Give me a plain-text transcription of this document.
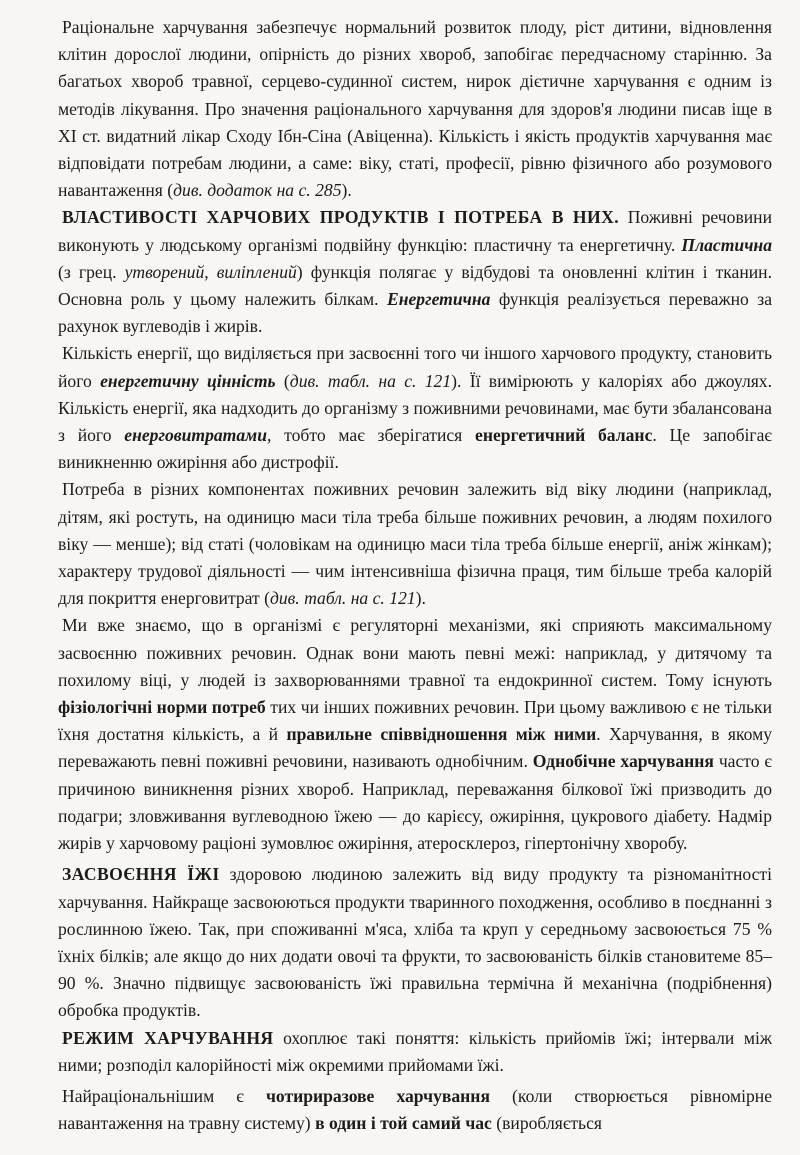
Раціональне харчування забезпечує нормальний розвиток плоду, ріст дитини, відновлення клітин дорослої людини, опірність до різних хвороб, запобігає передчасному старінню. За багатьох хвороб травної, серцево-судинної систем, нирок дієтичне харчування є одним із методів лікування. Про значення раціонального харчування для здоров'я людини писав іще в XI ст. видатний лікар Сходу Ібн-Сіна (Авіценна). Кількість і якість продуктів харчування має відповідати потребам людини, а саме: віку, статі, професії, рівню фізичного або розумового навантаження (див. додаток на с. 285).

ВЛАСТИВОСТІ ХАРЧОВИХ ПРОДУКТІВ І ПОТРЕБА В НИХ. Поживні речовини виконують у людському організмі подвійну функцію: пластичну та енергетичну. Пластична (з грец. утворений, виліплений) функція полягає у відбудові та оновленні клітин і тканин. Основна роль у цьому належить білкам. Енергетична функція реалізується переважно за рахунок вуглеводів і жирів.

Кількість енергії, що виділяється при засвоєнні того чи іншого харчового продукту, становить його енергетичну цінність (див. табл. на с. 121). Її вимірюють у калоріях або джоулях. Кількість енергії, яка надходить до організму з поживними речовинами, має бути збалансована з його енерговитратами, тобто має зберігатися енергетичний баланс. Це запобігає виникненню ожиріння або дистрофії.

Потреба в різних компонентах поживних речовин залежить від віку людини (наприклад, дітям, які ростуть, на одиницю маси тіла треба більше поживних речовин, а людям похилого віку — менше); від статі (чоловікам на одиницю маси тіла треба більше енергії, аніж жінкам); характеру трудової діяльності — чим інтенсивніша фізична праця, тим більше треба калорій для покриття енерговитрат (див. табл. на с. 121).

Ми вже знаємо, що в організмі є регуляторні механізми, які сприяють максимальному засвоєнню поживних речовин. Однак вони мають певні межі: наприклад, у дитячому та похилому віці, у людей із захворюваннями травної та ендокринної систем. Тому існують фізіологічні норми потреб тих чи інших поживних речовин. При цьому важливою є не тільки їхня достатня кількість, а й правильне співвідношення між ними. Харчування, в якому переважають певні поживні речовини, називають однобічним. Однобічне харчування часто є причиною виникнення різних хвороб. Наприклад, переважання білкової їжі призводить до подагри; зловживання вуглеводною їжею — до карієсу, ожиріння, цукрового діабету. Надмір жирів у харчовому раціоні зумовлює ожиріння, атеросклероз, гіпертонічну хворобу.

ЗАСВОЄННЯ ЇЖІ здоровою людиною залежить від виду продукту та різноманітності харчування. Найкраще засвоюються продукти тваринного походження, особливо в поєднанні з рослинною їжею. Так, при споживанні м'яса, хліба та круп у середньому засвоюється 75 % їхніх білків; але якщо до них додати овочі та фрукти, то засвоюваність білків становитеме 85–90 %. Значно підвищує засвоюваність їжі правильна термічна й механічна (подрібнення) обробка продуктів.

РЕЖИМ ХАРЧУВАННЯ охоплює такі поняття: кількість прийомів їжі; інтервали між ними; розподіл калорійності між окремими прийомами їжі.

Найраціональнішим є чотириразове харчування (коли створюється рівномірне навантаження на травну систему) в один і той самий час (виробляється
